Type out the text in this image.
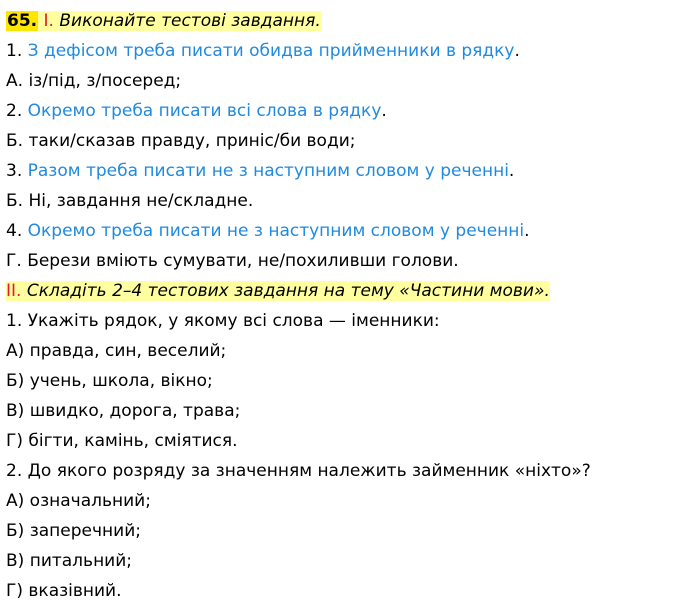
65. I. Виконайте тестові завдання.
1. З дефісом треба писати обидва прийменники в рядку.
А. із/під, з/посеред;
2. Окремо треба писати всі слова в рядку.
Б. таки/сказав правду, приніс/би води;
3. Разом треба писати не з наступним словом у реченні.
Б. Ні, завдання не/складне.
4. Окремо треба писати не з наступним словом у реченні.
Г. Берези вміють сумувати, не/похиливши голови.
II. Складіть 2–4 тестових завдання на тему «Частини мови».
1. Укажіть рядок, у якому всі слова — іменники:
А) правда, син, веселий;
Б) учень, школа, вікно;
В) швидко, дорога, трава;
Г) бігти, камінь, сміятися.
2. До якого розряду за значенням належить займенник «ніхто»?
А) означальний;
Б) заперечний;
В) питальний;
Г) вказівний.
